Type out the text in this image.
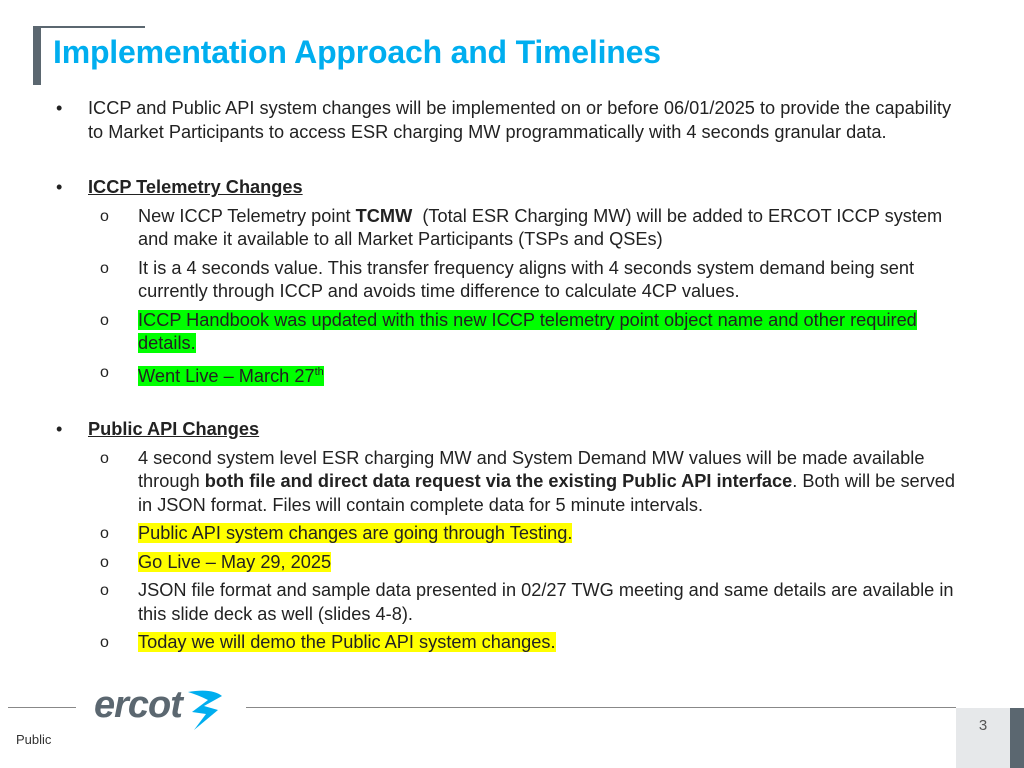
Implementation Approach and Timelines
• ICCP and Public API system changes will be implemented on or before 06/01/2025 to provide the capability to Market Participants to access ESR charging MW programmatically with 4 seconds granular data.
• ICCP Telemetry Changes
o New ICCP Telemetry point TCMW  (Total ESR Charging MW) will be added to ERCOT ICCP system and make it available to all Market Participants (TSPs and QSEs)
o It is a 4 seconds value. This transfer frequency aligns with 4 seconds system demand being sent currently through ICCP and avoids time difference to calculate 4CP values.
o ICCP Handbook was updated with this new ICCP telemetry point object name and other required details.
o Went Live – March 27th
• Public API Changes
o 4 second system level ESR charging MW and System Demand MW values will be made available through both file and direct data request via the existing Public API interface. Both will be served in JSON format. Files will contain complete data for 5 minute intervals.
o Public API system changes are going through Testing.
o Go Live – May 29, 2025
o JSON file format and sample data presented in 02/27 TWG meeting and same details are available in this slide deck as well (slides 4-8).
o Today we will demo the Public API system changes.
ercot
Public
3
